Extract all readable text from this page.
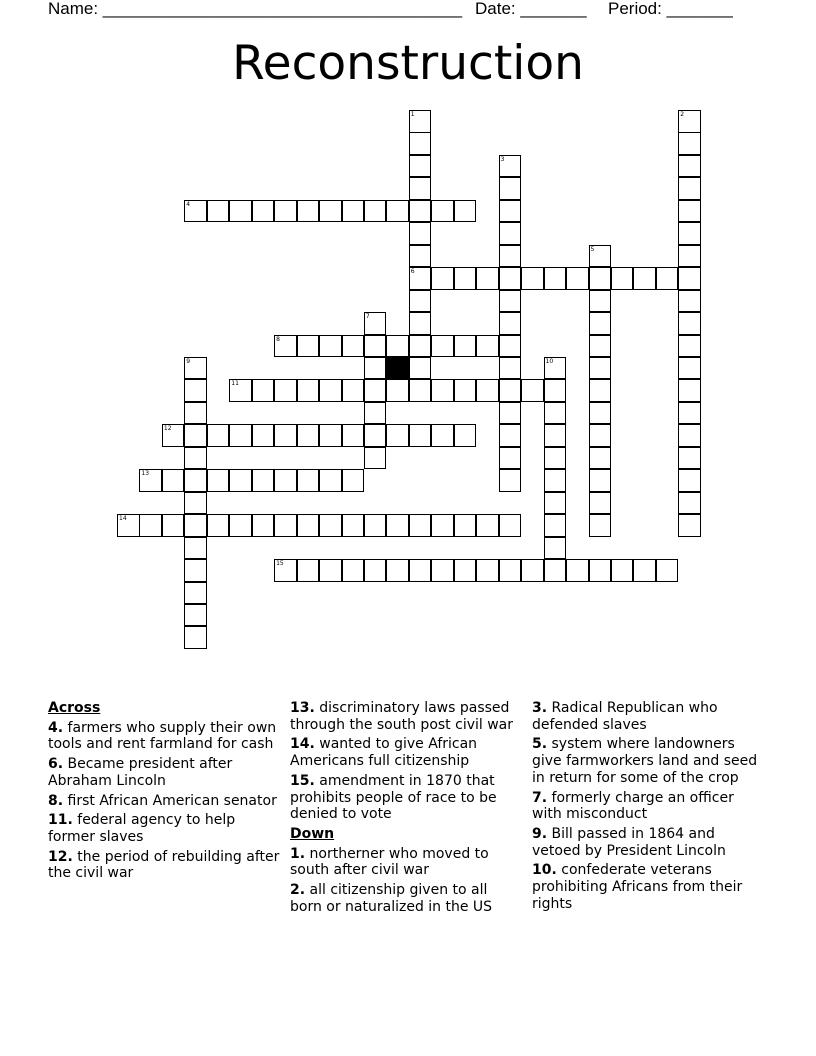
Name: ______________________________________ Date: _______ Period: _______
Reconstruction
1
6
2
3
4
5
7
8
9	10
11
12
13
14
15
Across
4. farmers who supply their own tools and rent farmland for cash
6. Became president after Abraham Lincoln
8. first African American senator
11. federal agency to help former slaves
12. the period of rebuilding after the civil war
13. discriminatory laws passed through the south post civil war
14. wanted to give African Americans full citizenship
15. amendment in 1870 that prohibits people of race to be denied to vote
Down
1. northerner who moved to south after civil war
2. all citizenship given to all born or naturalized in the US
3. Radical Republican who defended slaves
5. system where landowners give farmworkers land and seed in return for some of the crop
7. formerly charge an officer with misconduct
9. Bill passed in 1864 and vetoed by President Lincoln
10. confederate veterans prohibiting Africans from their rights
